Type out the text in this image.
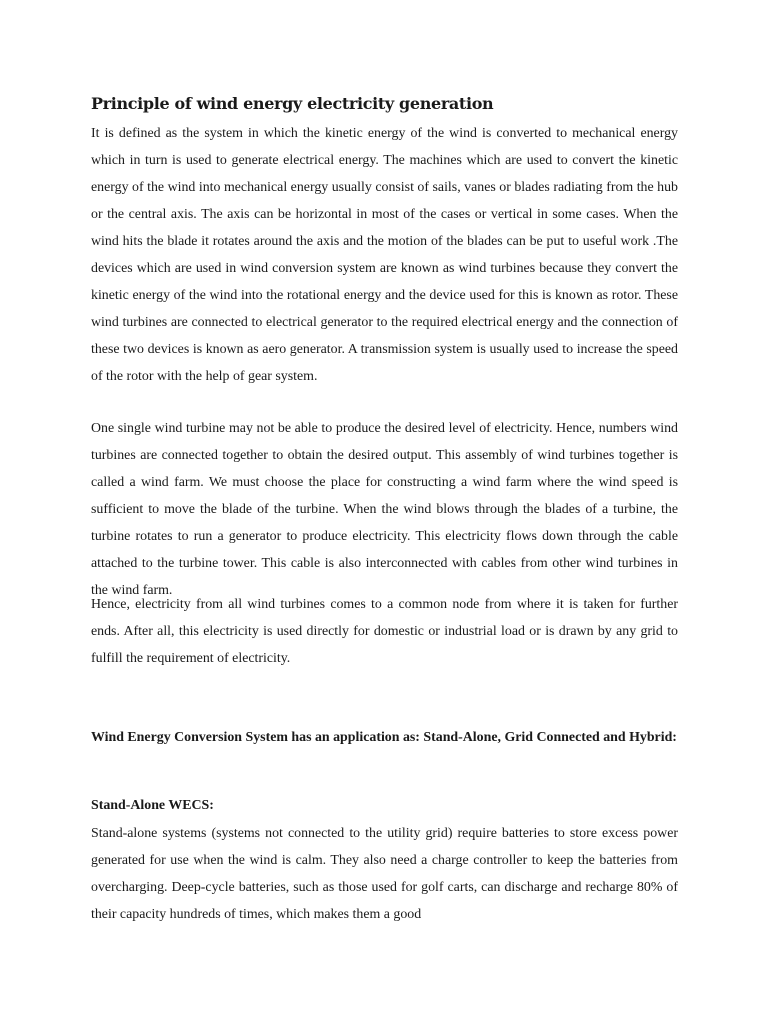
Principle of wind energy electricity generation

It is defined as the system in which the kinetic energy of the wind is converted to mechanical energy which in turn is used to generate electrical energy. The machines which are used to convert the kinetic energy of the wind into mechanical energy usually consist of sails, vanes or blades radiating from the hub or the central axis. The axis can be horizontal in most of the cases or vertical in some cases. When the wind hits the blade it rotates around the axis and the motion of the blades can be put to useful work .The devices which are used in wind conversion system are known as wind turbines because they convert the kinetic energy of the wind into the rotational energy and the device used for this is known as rotor. These wind turbines are connected to electrical generator to the required electrical energy and the connection of these two devices is known as aero generator. A transmission system is usually used to increase the speed of the rotor with the help of gear system.

One single wind turbine may not be able to produce the desired level of electricity. Hence, numbers wind turbines are connected together to obtain the desired output. This assembly of wind turbines together is called a wind farm. We must choose the place for constructing a wind farm where the wind speed is sufficient to move the blade of the turbine. When the wind blows through the blades of a turbine, the turbine rotates to run a generator to produce electricity. This electricity flows down through the cable attached to the turbine tower. This cable is also interconnected with cables from other wind turbines in the wind farm.

Hence, electricity from all wind turbines comes to a common node from where it is taken for further ends. After all, this electricity is used directly for domestic or industrial load or is drawn by any grid to fulfill the requirement of electricity.

Wind Energy Conversion System has an application as: Stand-Alone, Grid Connected and Hybrid:

Stand-Alone WECS:

Stand-alone systems (systems not connected to the utility grid) require batteries to store excess power generated for use when the wind is calm. They also need a charge controller to keep the batteries from overcharging. Deep-cycle batteries, such as those used for golf carts, can discharge and recharge 80% of their capacity hundreds of times, which makes them a good
